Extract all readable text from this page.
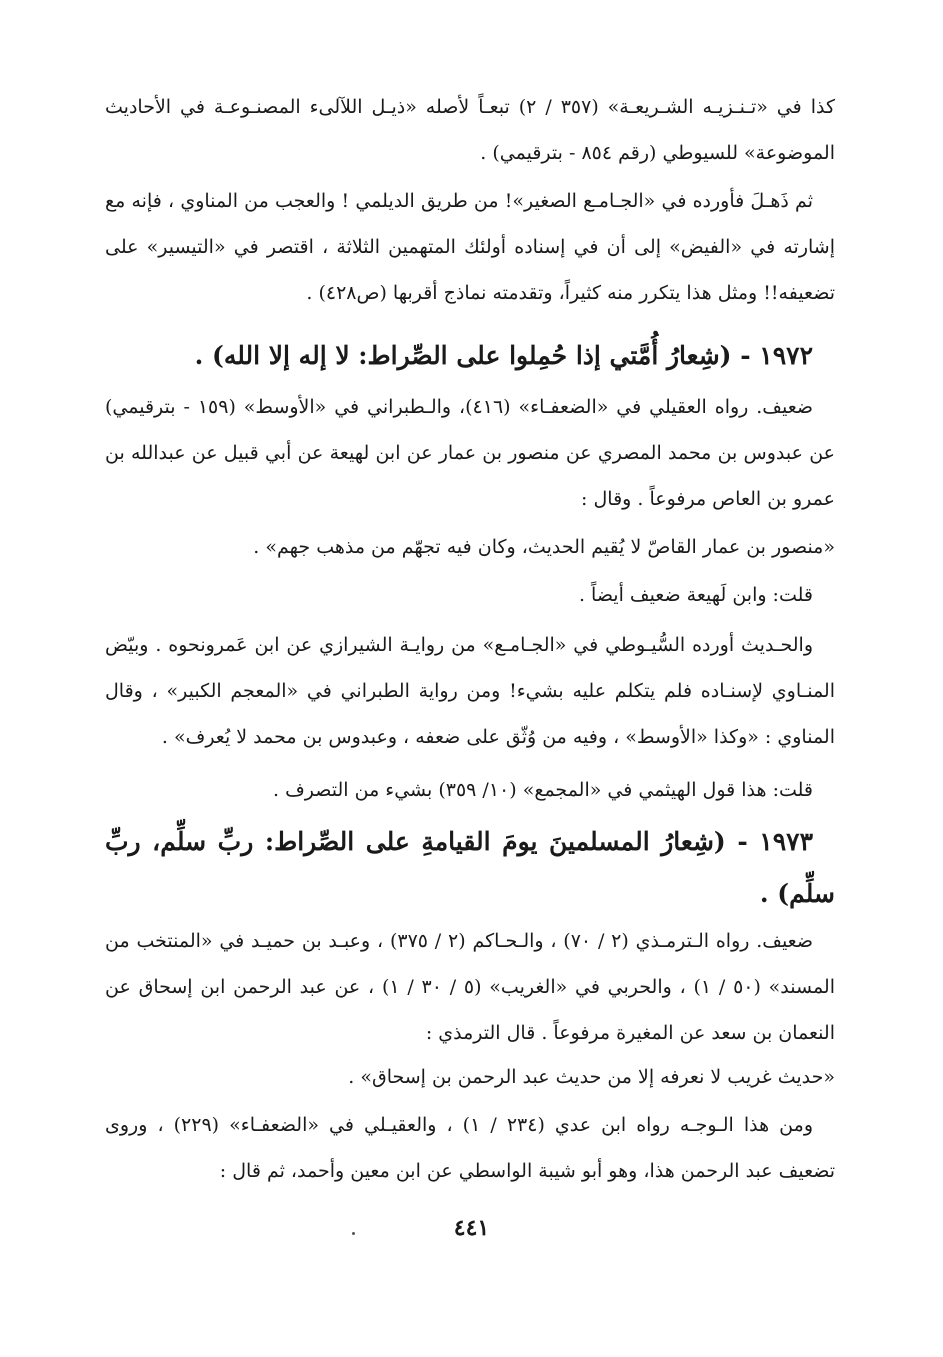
كذا في «تـنـزيـه الشـريعـة» (٣٥٧ / ٢) تبعـاً لأصله «ذيـل اللآلىء المصنـوعـة في الأحاديث الموضوعة» للسيوطي (رقم ٨٥٤ - بترقيمي) .

ثم ذَهـلَ فأورده في «الجـامـع الصغير»! من طريق الديلمي ! والعجب من المناوي ، فإنه مع إشارته في «الفيض» إلى أن في إسناده أولئك المتهمين الثلاثة ، اقتصر في «التيسير» على تضعيفه!! ومثل هذا يتكرر منه كثيراً، وتقدمته نماذج أقربها (ص٤٢٨) .

١٩٧٢ - (شِعارُ أُمَّتي إذا حُمِلوا على الصِّراط: لا إله إلا الله) .

ضعيف. رواه العقيلي في «الضعفـاء» (٤١٦)، والـطبراني في «الأوسط» (١٥٩ - بترقيمي) عن عبدوس بن محمد المصري عن منصور بن عمار عن ابن لهيعة عن أبي قبيل عن عبدالله بن عمرو بن العاص مرفوعاً . وقال :

«منصور بن عمار القاصّ لا يُقيم الحديث، وكان فيه تجهّم من مذهب جهم» .

قلت: وابن لَهيعة ضعيف أيضاً .

والحـديث أورده السُّيـوطي في «الجـامـع» من روايـة الشيرازي عن ابن عَمرونحوه . وبيّض المنـاوي لإسنـاده فلم يتكلم عليه بشيء! ومن رواية الطبراني في «المعجم الكبير» ، وقال المناوي : «وكذا «الأوسط» ، وفيه من وُثّق على ضعفه ، وعبدوس بن محمد لا يُعرف» .

قلت: هذا قول الهيثمي في «المجمع» (١٠/ ٣٥٩) بشيء من التصرف .

١٩٧٣ - (شِعارُ المسلمينَ يومَ القيامةِ على الصِّراط: ربِّ سلِّم، ربِّ سلِّم) .

ضعيف. رواه الـترمـذي (٢ / ٧٠) ، والـحـاكم (٢ / ٣٧٥) ، وعبـد بن حميـد في «المنتخب من المسند» (٥٠ / ١) ، والحربي في «الغريب» (٥ / ٣٠ / ١) ، عن عبد الرحمن ابن إسحاق عن النعمان بن سعد عن المغيرة مرفوعاً . قال الترمذي :

«حديث غريب لا نعرفه إلا من حديث عبد الرحمن بن إسحاق» .

ومن هذا الـوجـه رواه ابن عدي (٢٣٤ / ١) ، والعقيـلي في «الضعفـاء» (٢٢٩) ، وروى تضعيف عبد الرحمن هذا، وهو أبو شيبة الواسطي عن ابن معين وأحمد، ثم قال :

٤٤١
